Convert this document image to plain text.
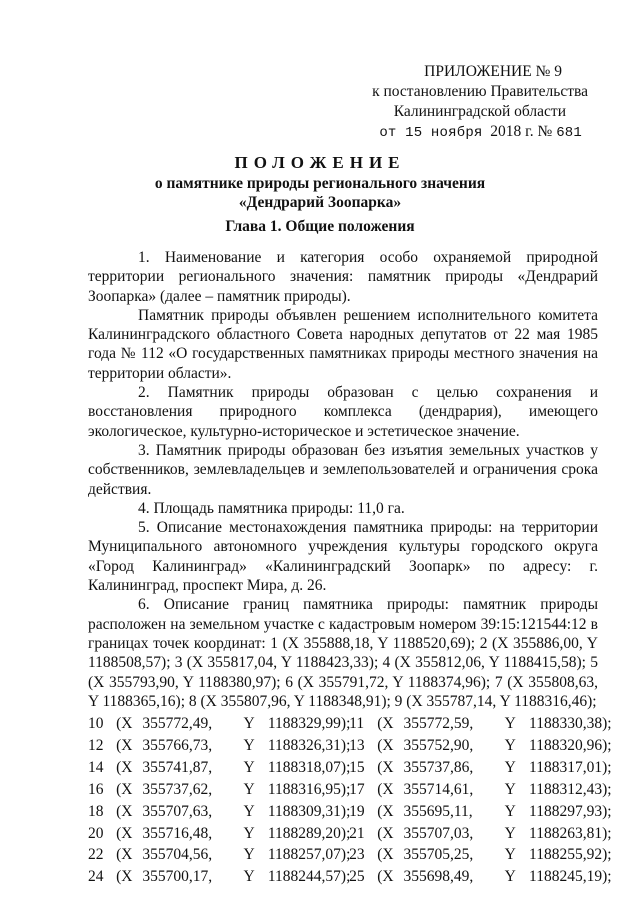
ПРИЛОЖЕНИЕ № 9
к постановлению Правительства
Калининградской области
от 15 ноября 2018 г. № 681
ПОЛОЖЕНИЕ
о памятнике природы регионального значения
«Дендрарий Зоопарка»
Глава 1. Общие положения

1. Наименование и категория особо охраняемой природной территории регионального значения: памятник природы «Дендрарий Зоопарка» (далее – памятник природы).

Памятник природы объявлен решением исполнительного комитета Калининградского областного Совета народных депутатов от 22 мая 1985 года № 112 «О государственных памятниках природы местного значения на территории области».

2. Памятник природы образован с целью сохранения и восстановления природного комплекса (дендрария), имеющего экологическое, культурно-историческое и эстетическое значение.

3. Памятник природы образован без изъятия земельных участков у собственников, землевладельцев и землепользователей и ограничения срока действия.

4. Площадь памятника природы: 11,0 га.

5. Описание местонахождения памятника природы: на территории Муниципального автономного учреждения культуры городского округа «Город Калининград» «Калининградский Зоопарк» по адресу: г. Калининград, проспект Мира, д. 26.

6. Описание границ памятника природы: памятник природы расположен на земельном участке с кадастровым номером 39:15:121544:12 в границах точек координат: 1 (X 355888,18, Y 1188520,69); 2 (X 355886,00, Y 1188508,57); 3 (X 355817,04, Y 1188423,33); 4 (X 355812,06, Y 1188415,58); 5 (X 355793,90, Y 1188380,97); 6 (X 355791,72, Y 1188374,96); 7 (X 355808,63, Y 1188365,16); 8 (X 355807,96, Y 1188348,91); 9 (X 355787,14, Y 1188316,46);

10 (X 355772,49,	Y 1188329,99);
11 (X 355772,59,	Y 1188330,38);
12 (X 355766,73,	Y 1188326,31);
13 (X 355752,90,	Y 1188320,96);
14 (X 355741,87,	Y 1188318,07);
15 (X 355737,86,	Y 1188317,01);
16 (X 355737,62,	Y 1188316,95);
17 (X 355714,61,	Y 1188312,43);
18 (X 355707,63,	Y 1188309,31);
19 (X 355695,11,	Y 1188297,93);
20 (X 355716,48,	Y 1188289,20);
21 (X 355707,03,	Y 1188263,81);
22 (X 355704,56,	Y 1188257,07);
23 (X 355705,25,	Y 1188255,92);
24 (X 355700,17,	Y 1188244,57);
25 (X 355698,49,	Y 1188245,19);
